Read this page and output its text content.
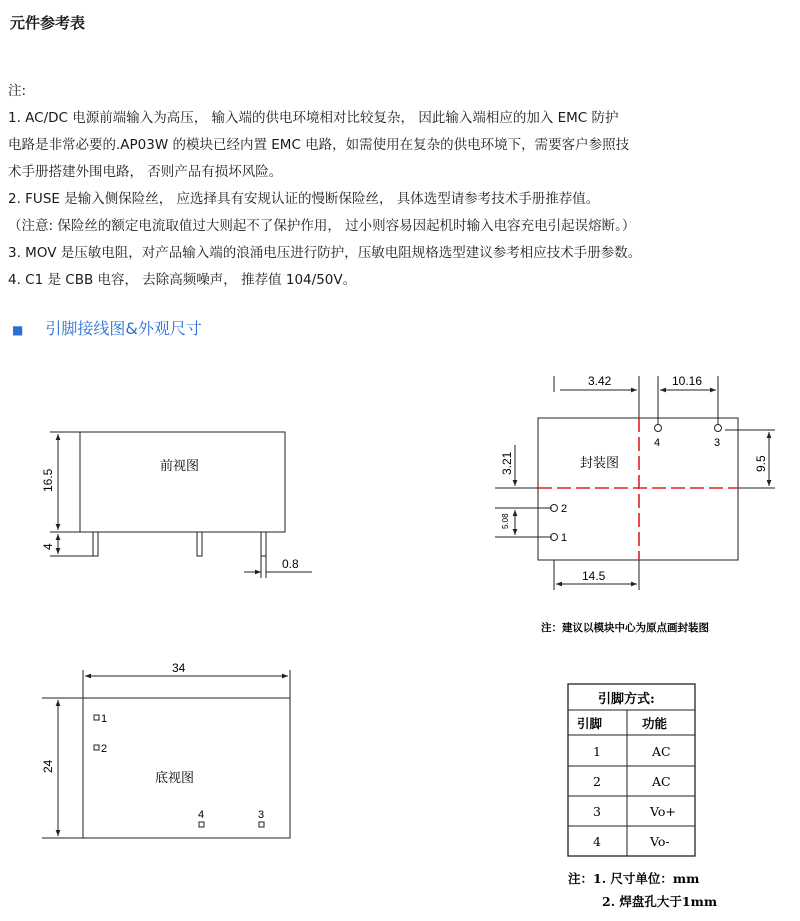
元件参考表
注:
1. AC/DC 电源前端输入为高压， 输入端的供电环境相对比较复杂， 因此输入端相应的加入 EMC 防护
电路是非常必要的.AP03W 的模块已经内置 EMC 电路，如需使用在复杂的供电环境下，需要客户参照技
术手册搭建外围电路， 否则产品有损坏风险。
2. FUSE 是输入侧保险丝， 应选择具有安规认证的慢断保险丝， 具体选型请参考技术手册推荐值。
（注意: 保险丝的额定电流取值过大则起不了保护作用， 过小则容易因起机时输入电容充电引起误熔断。）
3. MOV 是压敏电阻，对产品输入端的浪涌电压进行防护，压敏电阻规格选型建议参考相应技术手册参数。
4. C1 是 CBB 电容， 去除高频噪声， 推荐值 104/50V。
■ 引脚接线图&外观尺寸
前视图
16.5
4
0.8
封装图
3.42	10.16
3.21
5.08
9.5
14.5
4	3
2
1
注：建议以模块中心为原点画封装图
34
24
底视图
1
2
4	3
引脚方式:
引脚	功能
1	AC
2	AC
3	Vo+
4	Vo-
注：1. 尺寸单位：mm
2. 焊盘孔大于1mm
